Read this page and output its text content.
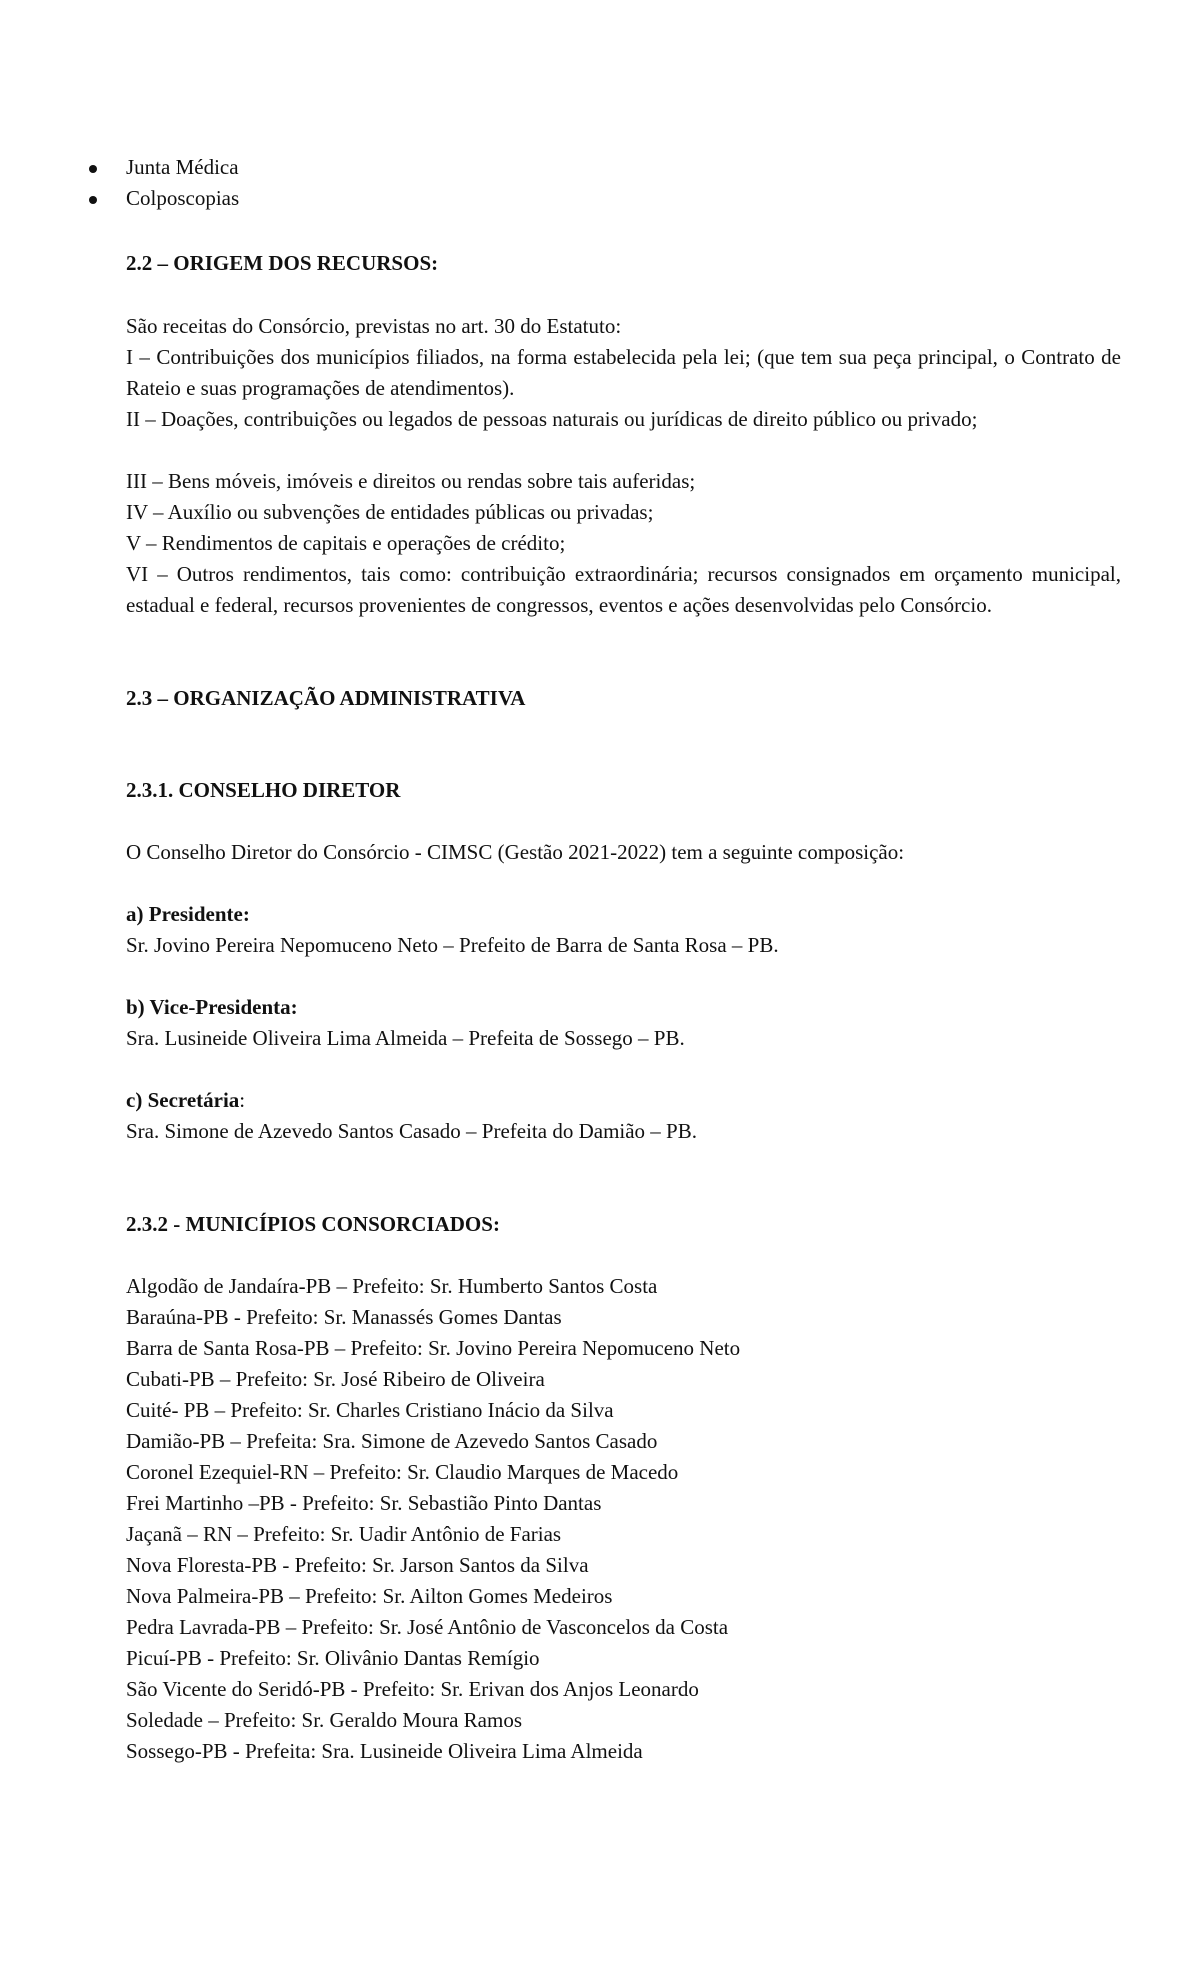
Junta Médica
Colposcopias
2.2 – ORIGEM DOS RECURSOS:
São receitas do Consórcio, previstas no art. 30 do Estatuto:
I – Contribuições dos municípios filiados, na forma estabelecida pela lei; (que tem sua peça principal, o Contrato de Rateio e suas programações de atendimentos).
II – Doações, contribuições ou legados de pessoas naturais ou jurídicas de direito público ou privado;
III – Bens móveis, imóveis e direitos ou rendas sobre tais auferidas;
IV – Auxílio ou subvenções de entidades públicas ou privadas;
V – Rendimentos de capitais e operações de crédito;
VI – Outros rendimentos, tais como: contribuição extraordinária; recursos consignados em orçamento municipal, estadual e federal, recursos provenientes de congressos, eventos e ações desenvolvidas pelo Consórcio.
2.3 – ORGANIZAÇÃO ADMINISTRATIVA
2.3.1. CONSELHO DIRETOR
O Conselho Diretor do Consórcio - CIMSC (Gestão 2021-2022) tem a seguinte composição:
a) Presidente:
Sr. Jovino Pereira Nepomuceno Neto – Prefeito de Barra de Santa Rosa – PB.
b) Vice-Presidenta:
Sra. Lusineide Oliveira Lima Almeida – Prefeita de Sossego – PB.
c) Secretária:
Sra. Simone de Azevedo Santos Casado – Prefeita do Damião – PB.
2.3.2 - MUNICÍPIOS CONSORCIADOS:
Algodão de Jandaíra-PB – Prefeito: Sr. Humberto Santos Costa
Baraúna-PB - Prefeito: Sr. Manassés Gomes Dantas
Barra de Santa Rosa-PB – Prefeito: Sr. Jovino Pereira Nepomuceno Neto
Cubati-PB – Prefeito: Sr. José Ribeiro de Oliveira
Cuité- PB – Prefeito: Sr. Charles Cristiano Inácio da Silva
Damião-PB – Prefeita: Sra. Simone de Azevedo Santos Casado
Coronel Ezequiel-RN – Prefeito: Sr. Claudio Marques de Macedo
Frei Martinho –PB - Prefeito: Sr. Sebastião Pinto Dantas
Jaçanã – RN – Prefeito: Sr. Uadir Antônio de Farias
Nova Floresta-PB - Prefeito: Sr. Jarson Santos da Silva
Nova Palmeira-PB – Prefeito: Sr. Ailton Gomes Medeiros
Pedra Lavrada-PB – Prefeito: Sr. José Antônio de Vasconcelos da Costa
Picuí-PB - Prefeito: Sr. Olivânio Dantas Remígio
São Vicente do Seridó-PB - Prefeito: Sr. Erivan dos Anjos Leonardo
Soledade – Prefeito: Sr. Geraldo Moura Ramos
Sossego-PB - Prefeita: Sra. Lusineide Oliveira Lima Almeida
